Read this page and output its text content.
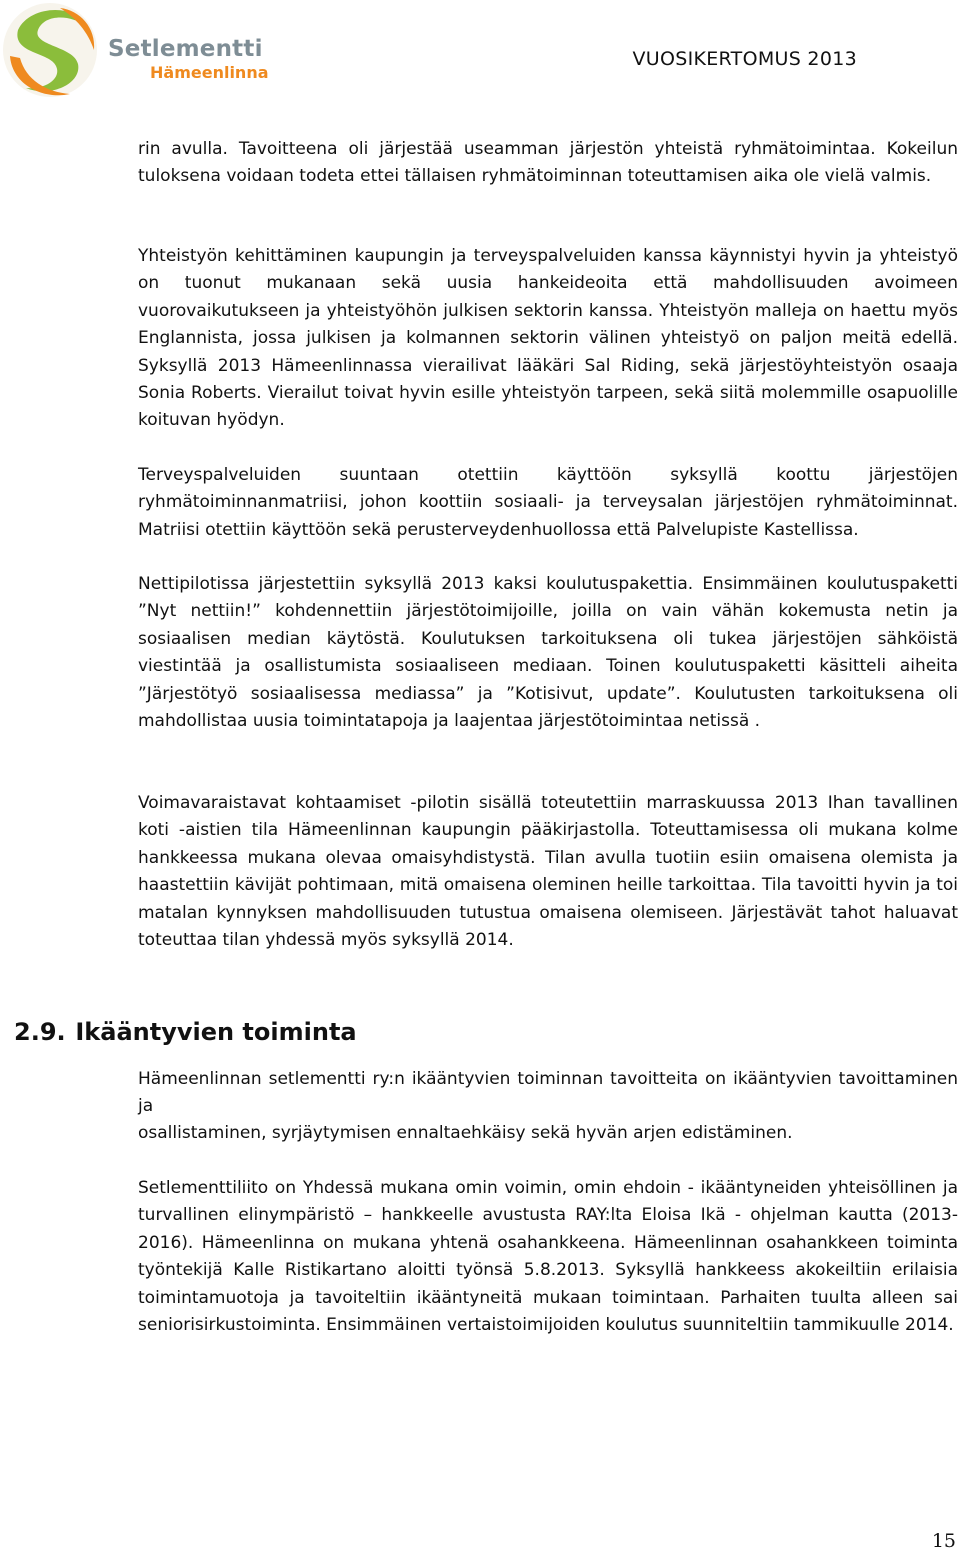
Setlementti
Hämeenlinna
VUOSIKERTOMUS 2013

rin avulla. Tavoitteena oli järjestää useamman järjestön yhteistä ryhmätoimintaa. Kokeilun tuloksena voidaan todeta ettei tällaisen ryhmätoiminnan toteuttamisen aika ole vielä valmis.

Yhteistyön kehittäminen kaupungin ja terveyspalveluiden kanssa käynnistyi hyvin ja yhteistyö on tuonut mukanaan sekä uusia hankeideoita että mahdollisuuden avoimeen vuorovaikutukseen ja yhteistyöhön julkisen sektorin kanssa. Yhteistyön malleja on haettu myös Englannista, jossa julkisen ja kolmannen sektorin välinen yhteistyö on paljon meitä edellä. Syksyllä 2013 Hämeenlinnassa vierailivat lääkäri Sal Riding, sekä järjestöyhteistyön osaaja Sonia Roberts. Vierailut toivat hyvin esille yhteistyön tarpeen, sekä siitä molemmille osapuolille koituvan hyödyn.

Terveyspalveluiden suuntaan otettiin käyttöön syksyllä koottu järjestöjen ryhmätoiminnanmatriisi, johon koottiin sosiaali- ja terveysalan järjestöjen ryhmätoiminnat. Matriisi otettiin käyttöön sekä perusterveydenhuollossa että Palvelupiste Kastellissa.

Nettipilotissa järjestettiin syksyllä 2013 kaksi koulutuspakettia. Ensimmäinen koulutuspaketti ”Nyt nettiin!” kohdennettiin järjestötoimijoille, joilla on vain vähän kokemusta netin ja sosiaalisen median käytöstä. Koulutuksen tarkoituksena oli tukea järjestöjen sähköistä viestintää ja osallistumista sosiaaliseen mediaan. Toinen koulutuspaketti käsitteli aiheita ”Järjestötyö sosiaalisessa mediassa” ja ”Kotisivut, update”. Koulutusten tarkoituksena oli mahdollistaa uusia toimintatapoja ja laajentaa järjestötoimintaa netissä .

Voimavaraistavat kohtaamiset -pilotin sisällä toteutettiin marraskuussa 2013 Ihan tavallinen koti -aistien tila Hämeenlinnan kaupungin pääkirjastolla. Toteuttamisessa oli mukana kolme hankkeessa mukana olevaa omaisyhdistystä. Tilan avulla tuotiin esiin omaisena olemista ja haastettiin kävijät pohtimaan, mitä omaisena oleminen heille tarkoittaa. Tila tavoitti hyvin ja toi matalan kynnyksen mahdollisuuden tutustua omaisena olemiseen. Järjestävät tahot haluavat toteuttaa tilan yhdessä myös syksyllä 2014.

2.9. Ikääntyvien toiminta

Hämeenlinnan setlementti ry:n ikääntyvien toiminnan tavoitteita on ikääntyvien tavoittaminen ja

osallistaminen, syrjäytymisen ennaltaehkäisy sekä hyvän arjen edistäminen.

Setlementtiliito on Yhdessä mukana omin voimin, omin ehdoin - ikääntyneiden yhteisöllinen ja turvallinen elinympäristö – hankkeelle avustusta RAY:lta Eloisa Ikä - ohjelman kautta (2013-2016). Hämeenlinna on mukana yhtenä osahankkeena. Hämeenlinnan osahankkeen toiminta työntekijä Kalle Ristikartano aloitti työnsä 5.8.2013. Syksyllä hankkeess akokeiltiin erilaisia toimintamuotoja ja tavoiteltiin ikääntyneitä mukaan toimintaan. Parhaiten tuulta alleen sai seniorisirkustoiminta. Ensimmäinen vertaistoimijoiden koulutus suunniteltiin tammikuulle 2014.

15
